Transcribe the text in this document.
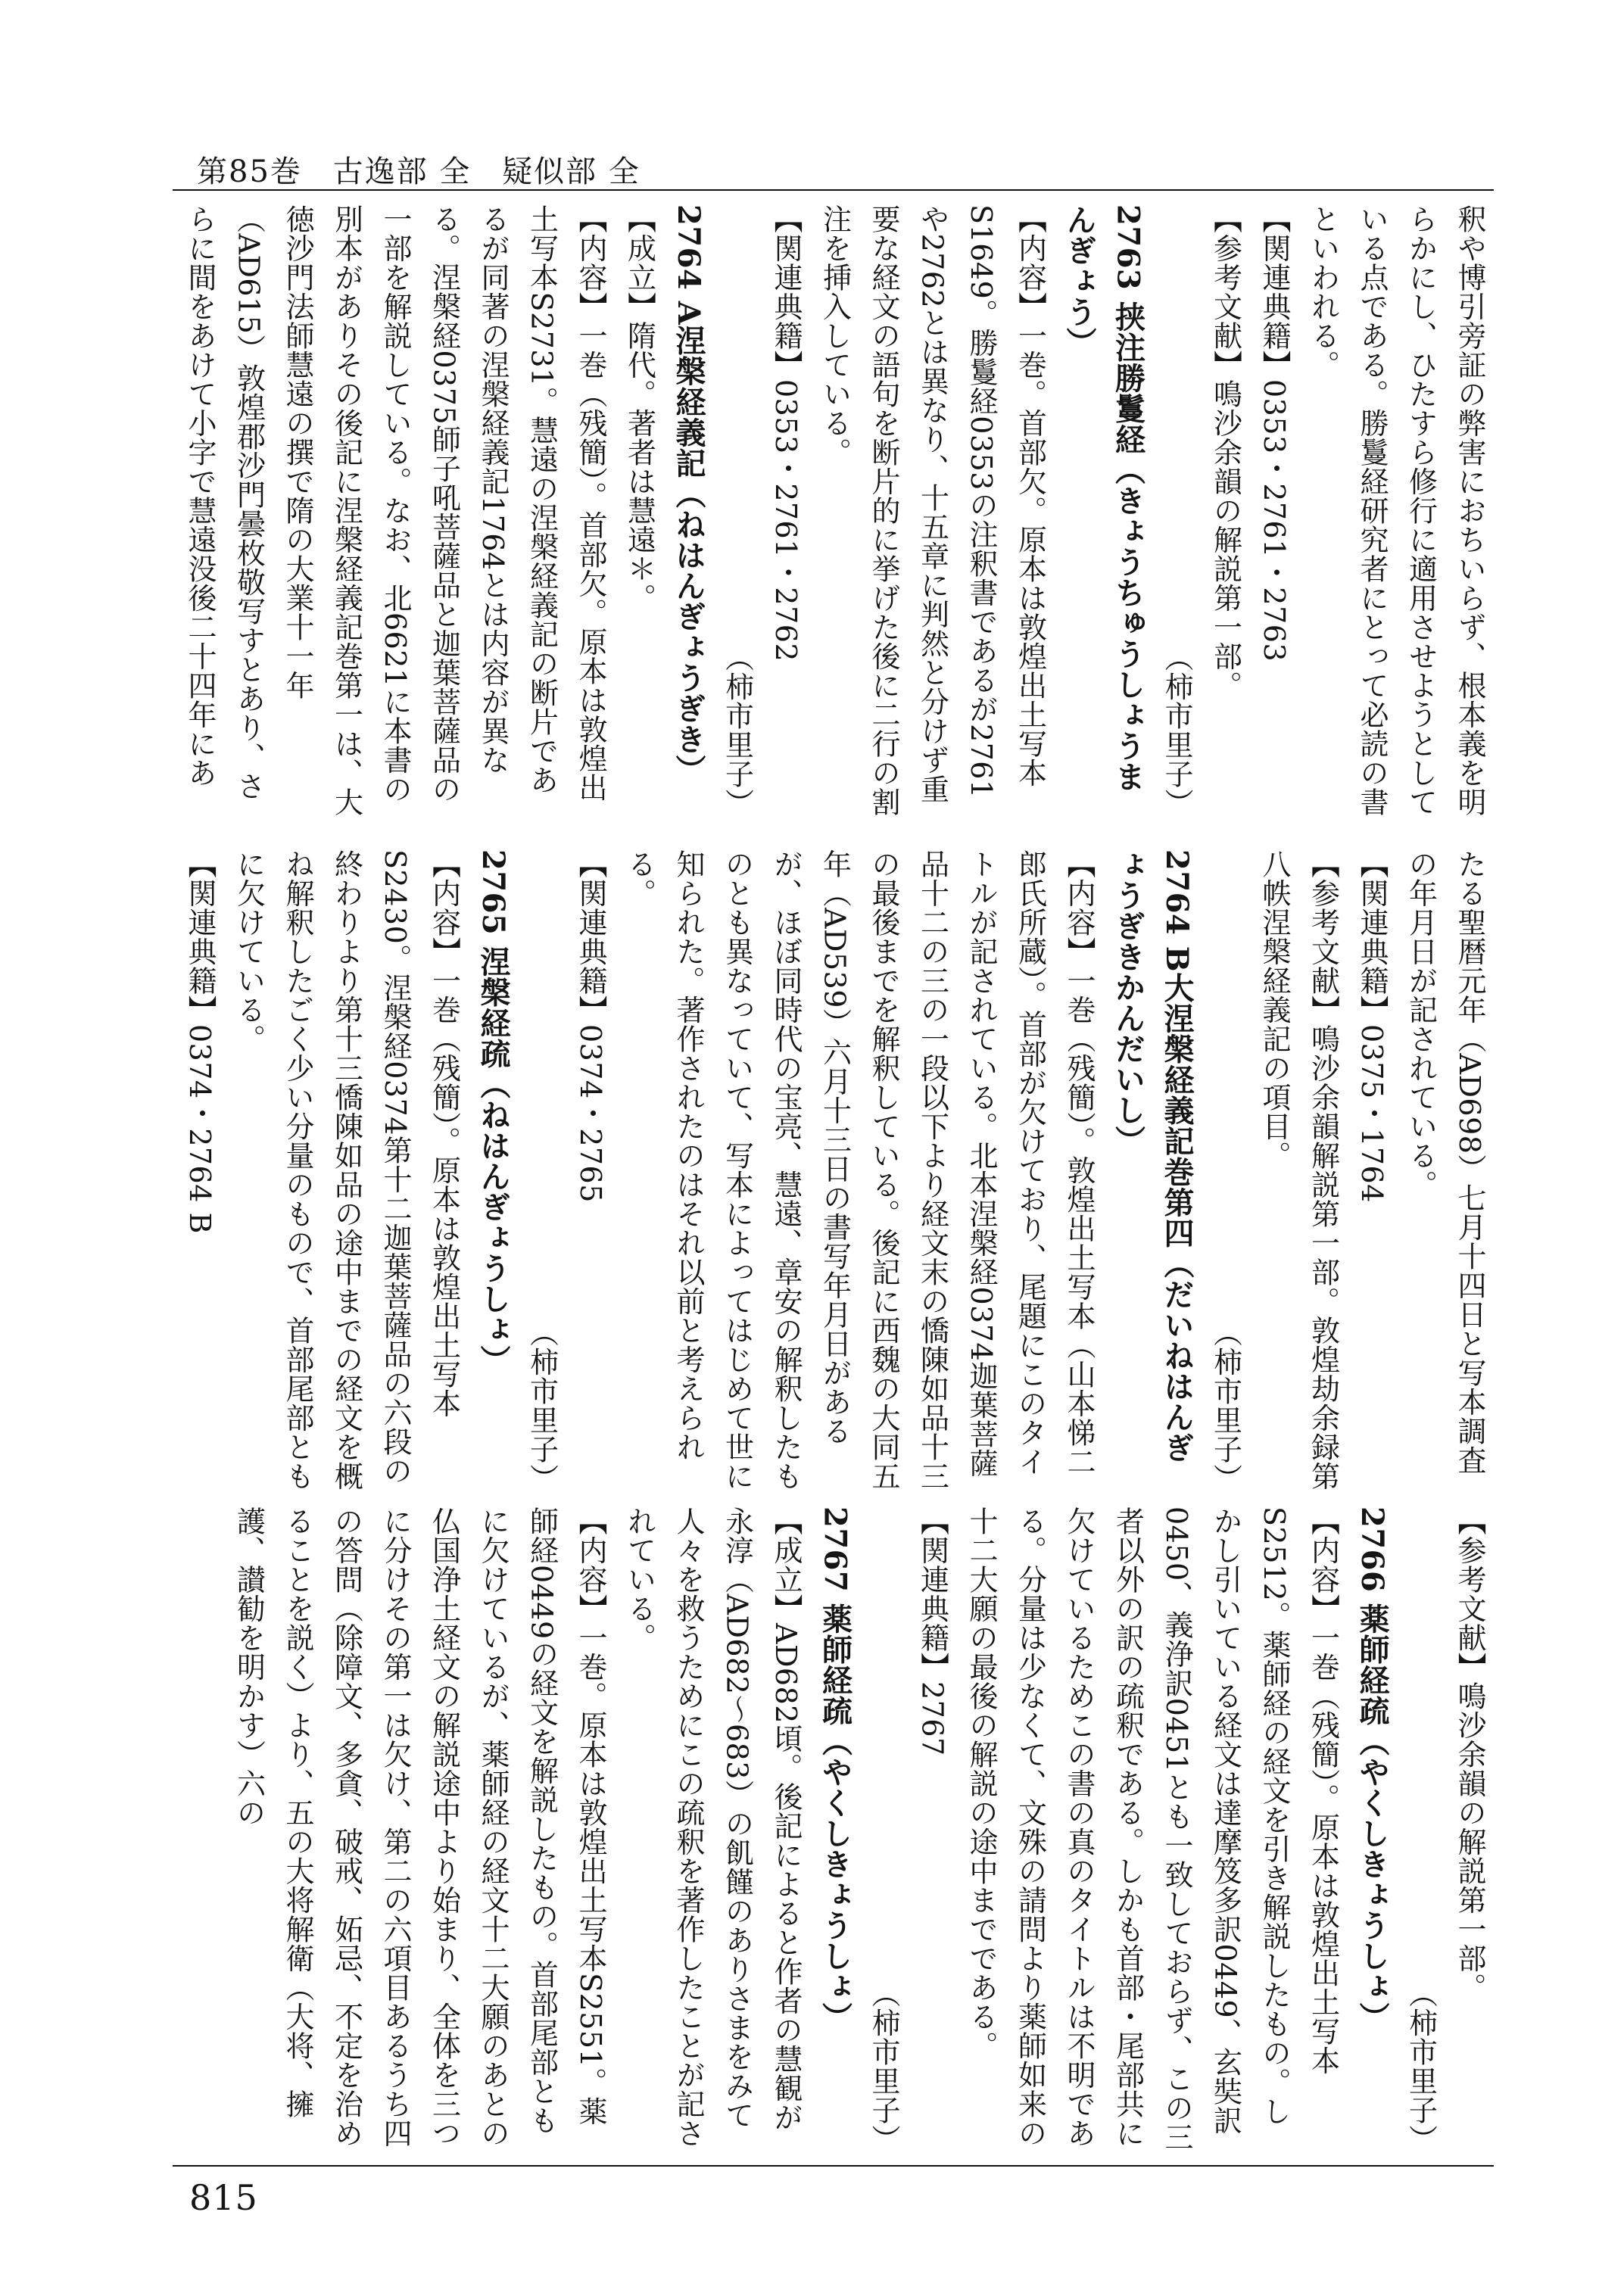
第85巻 古逸部 全 疑似部 全

釈や博引旁証の弊害におちいらず、根本義を明らかにし、ひたすら修行に適用させようとしている点である。勝鬘経研究者にとって必読の書といわれる。

【関連典籍】0353・2761・2763

【参考文献】鳴沙余韻の解説第一部。

（柿市里子）

2763 挟注勝鬘経（きょうちゅうしょうまんぎょう）

【内容】一巻。首部欠。原本は敦煌出土写本S1649。勝鬘経0353の注釈書であるが2761や2762とは異なり、十五章に判然と分けず重要な経文の語句を断片的に挙げた後に二行の割注を挿入している。

【関連典籍】0353・2761・2762

（柿市里子）

2764 A涅槃経義記（ねはんぎょうぎき）

【成立】隋代。著者は慧遠＊。

【内容】一巻（残簡）。首部欠。原本は敦煌出土写本S2731。慧遠の涅槃経義記の断片であるが同著の涅槃経義記1764とは内容が異なる。涅槃経0375師子吼菩薩品と迦葉菩薩品の一部を解説している。なお、北6621に本書の別本がありその後記に涅槃経義記巻第一は、大徳沙門法師慧遠の撰で隋の大業十一年（AD615）敦煌郡沙門曇枚敬写すとあり、さらに間をあけて小字で慧遠没後二十四年にあ

たる聖暦元年（AD698）七月十四日と写本調査の年月日が記されている。

【関連典籍】0375・1764

【参考文献】鳴沙余韻解説第一部。敦煌劫余録第八帙涅槃経義記の項目。

（柿市里子）

2764 B大涅槃経義記巻第四（だいねはんぎょうぎきかんだいし）

【内容】一巻（残簡）。敦煌出土写本（山本悌二郎氏所蔵）。首部が欠けており、尾題にこのタイトルが記されている。北本涅槃経0374迦葉菩薩品十二の三の一段以下より経文末の憍陳如品十三の最後までを解釈している。後記に西魏の大同五年（AD539）六月十三日の書写年月日があるが、ほぼ同時代の宝亮、慧遠、章安の解釈したものとも異なっていて、写本によってはじめて世に知られた。著作されたのはそれ以前と考えられる。

【関連典籍】0374・2765

（柿市里子）

2765 涅槃経疏（ねはんぎょうしょ）

【内容】一巻（残簡）。原本は敦煌出土写本S2430。涅槃経0374第十二迦葉菩薩品の六段の終わりより第十三憍陳如品の途中までの経文を概ね解釈したごく少い分量のもので、首部尾部ともに欠けている。

【関連典籍】0374・2764 B

【参考文献】鳴沙余韻の解説第一部。

（柿市里子）

2766 薬師経疏（やくしきょうしょ）

【内容】一巻（残簡）。原本は敦煌出土写本S2512。薬師経の経文を引き解説したもの。しかし引いている経文は達摩笈多訳0449、玄奘訳0450、義浄訳0451とも一致しておらず、この三者以外の訳の疏釈である。しかも首部・尾部共に欠けているためこの書の真のタイトルは不明である。分量は少なくて、文殊の請問より薬師如来の十二大願の最後の解説の途中までである。

【関連典籍】2767

（柿市里子）

2767 薬師経疏（やくしきょうしょ）

【成立】AD682頃。後記によると作者の慧観が永淳（AD682～683）の飢饉のありさまをみて人々を救うためにこの疏釈を著作したことが記されている。

【内容】一巻。原本は敦煌出土写本S2551。薬師経0449の経文を解説したもの。首部尾部ともに欠けているが、薬師経の経文十二大願のあとの仏国浄土経文の解説途中より始まり、全体を三つに分けその第一は欠け、第二の六項目あるうち四の答問（除障文、多貪、破戒、妬忌、不定を治めることを説く）より、五の大将解衛（大将、擁護、讃勧を明かす）六の

815
